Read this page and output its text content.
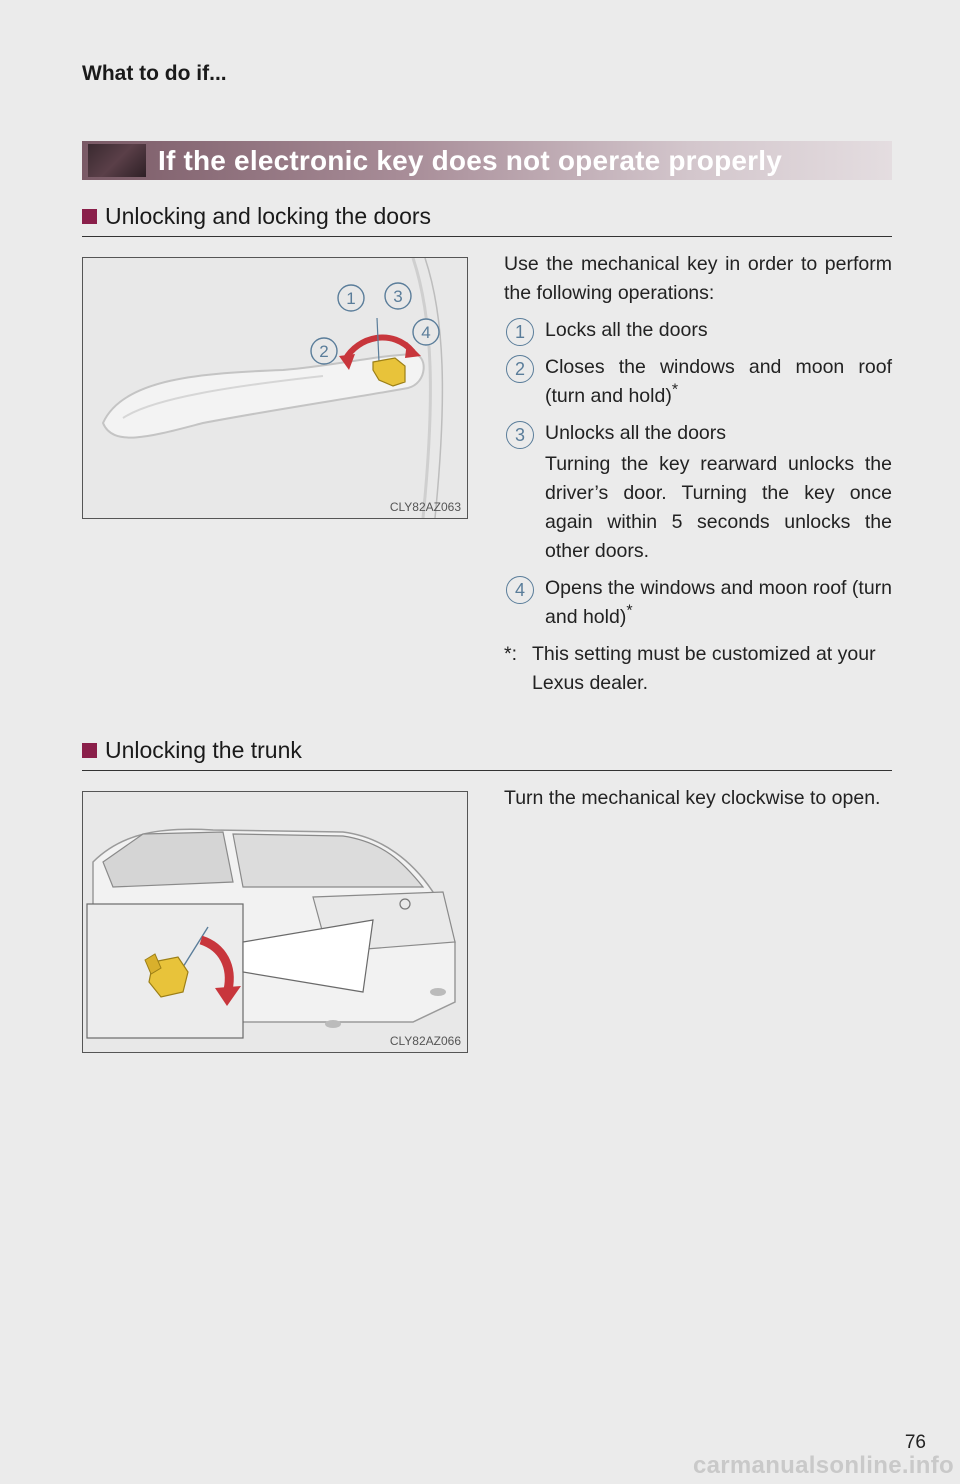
What to do if...
If the electronic key does not operate properly
Unlocking and locking the doors
1 3
2
4
CLY82AZ063

Use the mechanical key in order to perform the following operations:

1	Locks all the doors
2	Closes the windows and moon roof (turn and hold)*
3	Unlocks all the doors
Turning the key rearward unlocks the driver’s door. Turning the key once again within 5 seconds unlocks the other doors.
4	Opens the windows and moon roof (turn and hold)*
*: This setting must be customized at your Lexus dealer.
Unlocking the trunk
CLY82AZ066

Turn the mechanical key clockwise to open.

76
carmanualsonline.info
